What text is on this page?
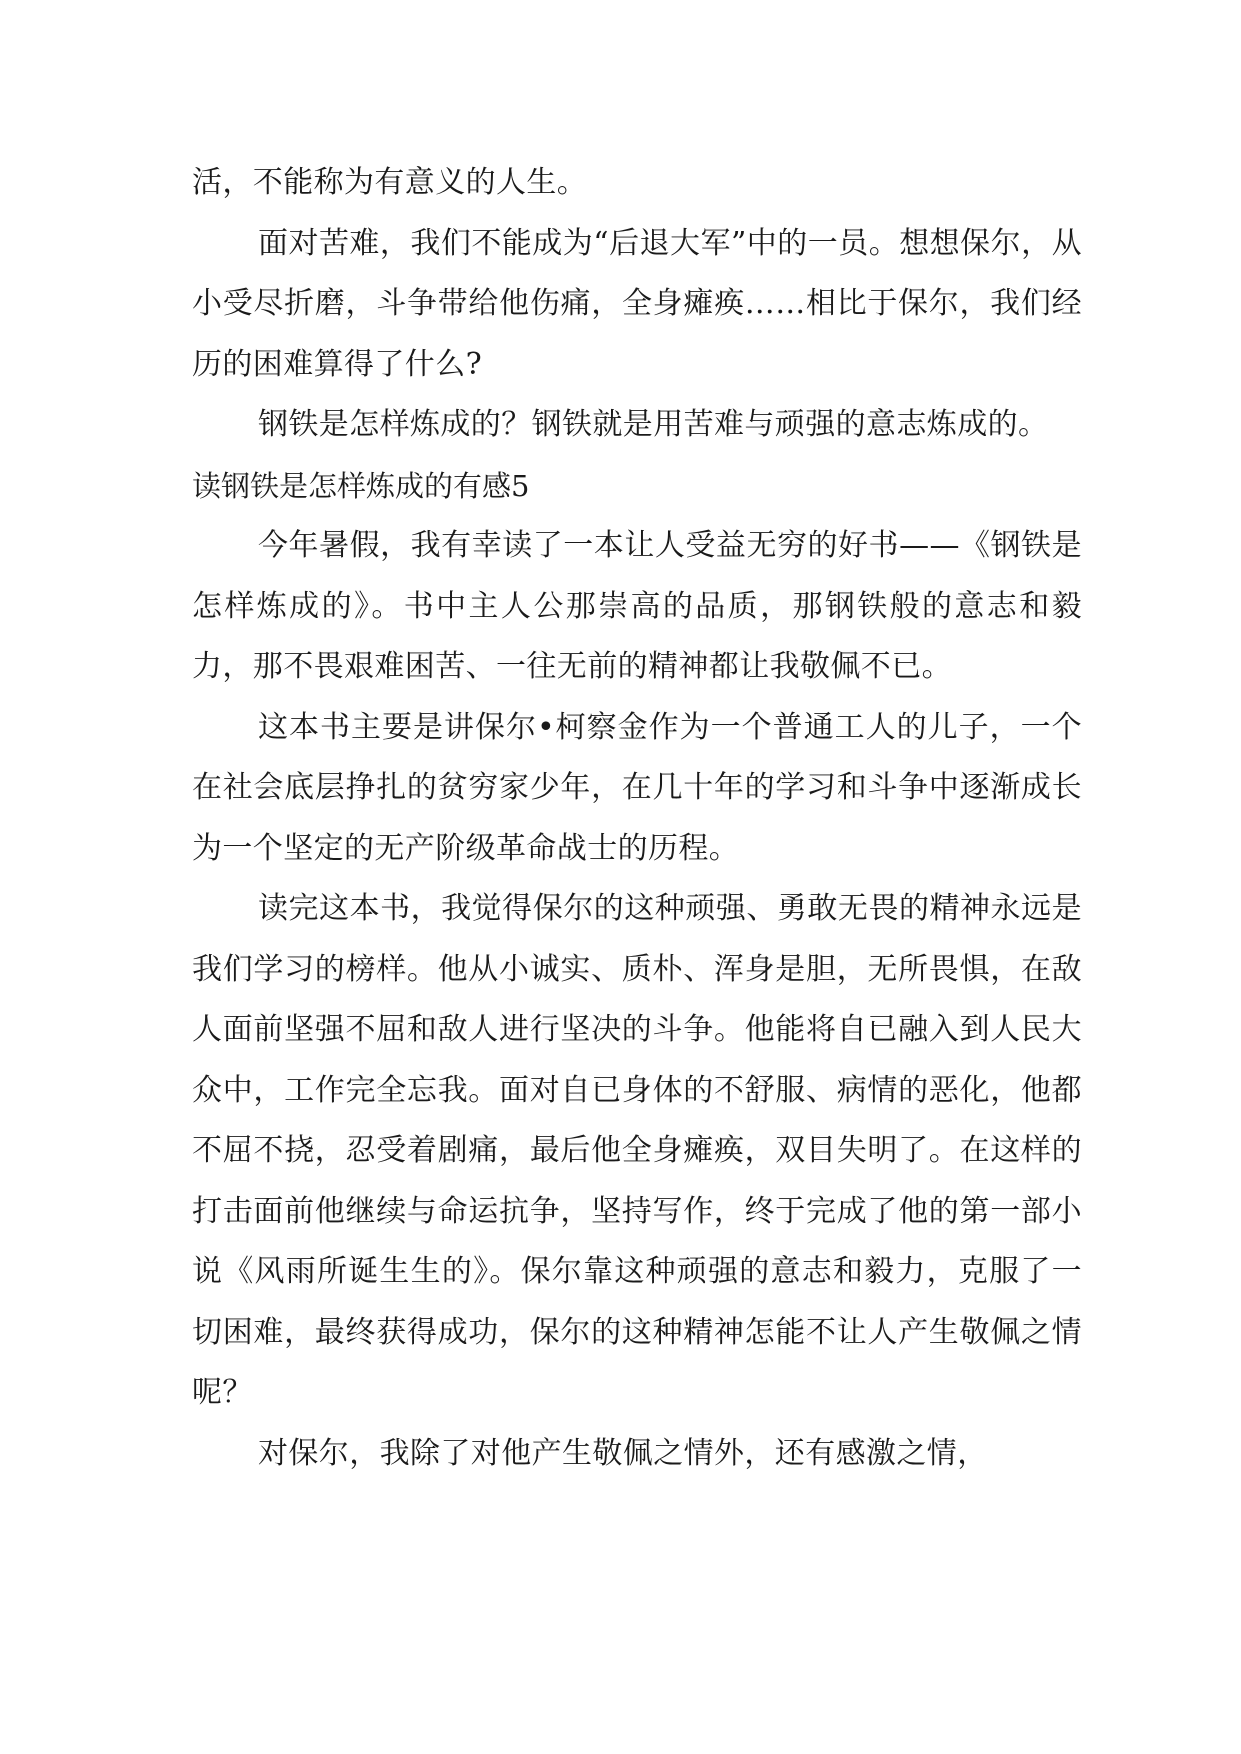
活，不能称为有意义的人生。

面对苦难，我们不能成为“后退大军”中的一员。想想保尔，从小受尽折磨，斗争带给他伤痛，全身瘫痪……相比于保尔，我们经历的困难算得了什么?

钢铁是怎样炼成的？钢铁就是用苦难与顽强的意志炼成的。

读钢铁是怎样炼成的有感5

今年暑假，我有幸读了一本让人受益无穷的好书——《钢铁是怎样炼成的》。书中主人公那崇高的品质，那钢铁般的意志和毅力，那不畏艰难困苦、一往无前的精神都让我敬佩不已。

这本书主要是讲保尔•柯察金作为一个普通工人的儿子，一个在社会底层挣扎的贫穷家少年，在几十年的学习和斗争中逐渐成长为一个坚定的无产阶级革命战士的历程。

读完这本书，我觉得保尔的这种顽强、勇敢无畏的精神永远是我们学习的榜样。他从小诚实、质朴、浑身是胆，无所畏惧，在敌人面前坚强不屈和敌人进行坚决的斗争。他能将自已融入到人民大众中，工作完全忘我。面对自已身体的不舒服、病情的恶化，他都不屈不挠，忍受着剧痛，最后他全身瘫痪，双目失明了。在这样的打击面前他继续与命运抗争，坚持写作，终于完成了他的第一部小说《风雨所诞生生的》。保尔靠这种顽强的意志和毅力，克服了一切困难，最终获得成功，保尔的这种精神怎能不让人产生敬佩之情呢？

对保尔，我除了对他产生敬佩之情外，还有感激之情，
